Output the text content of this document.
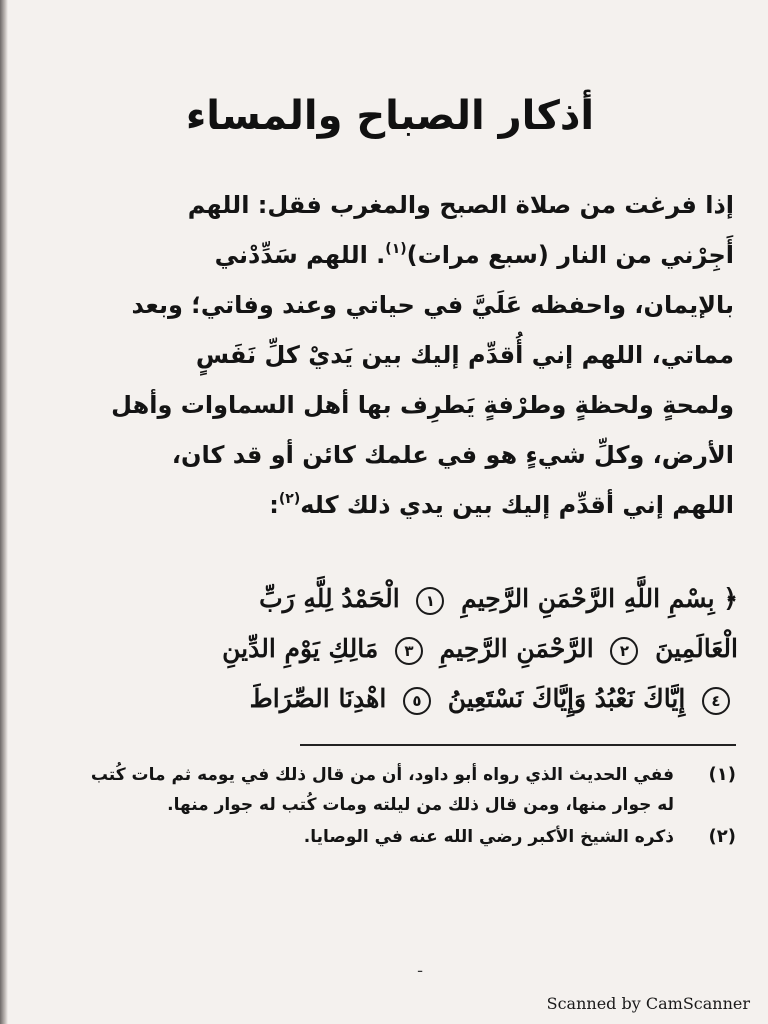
أذكار الصباح والمساء
إذا فرغت من صلاة الصبح والمغرب فقل: اللهم
أَجِرْني من النار (سبع مرات)$^{(١)}$. اللهم سَدِّدْني
بالإيمان، واحفظه عَلَيَّ في حياتي وعند وفاتي؛ وبعد
مماتي، اللهم إني أُقدِّم إليك بين يَديْ كلِّ نَفَسٍ
ولمحةٍ ولحظةٍ وطرْفةٍ يَطرِف بها أهل السماوات وأهل
الأرض، وكلِّ شيءٍ هو في علمك كائن أو قد كان،
اللهم إني أقدِّم إليك بين يدي ذلك كله$^{(٢)}$:
﴿ بِسْمِ اللَّهِ الرَّحْمَنِ الرَّحِيمِ ١ الْحَمْدُ لِلَّهِ رَبِّ
الْعَالَمِينَ ٢ الرَّحْمَنِ الرَّحِيمِ ٣ مَالِكِ يَوْمِ الدِّينِ
٤ إِيَّاكَ نَعْبُدُ وَإِيَّاكَ نَسْتَعِينُ ٥ اهْدِنَا الصِّرَاطَ
(١)
ففي الحديث الذي رواه أبو داود، أن من قال ذلك في يومه ثم مات كُتب له جوار منها، ومن قال ذلك من ليلته ومات كُتب له جوار منها.
(٢)
ذكره الشيخ الأكبر رضي الله عنه في الوصايا.
ـ
Scanned by CamScanner
